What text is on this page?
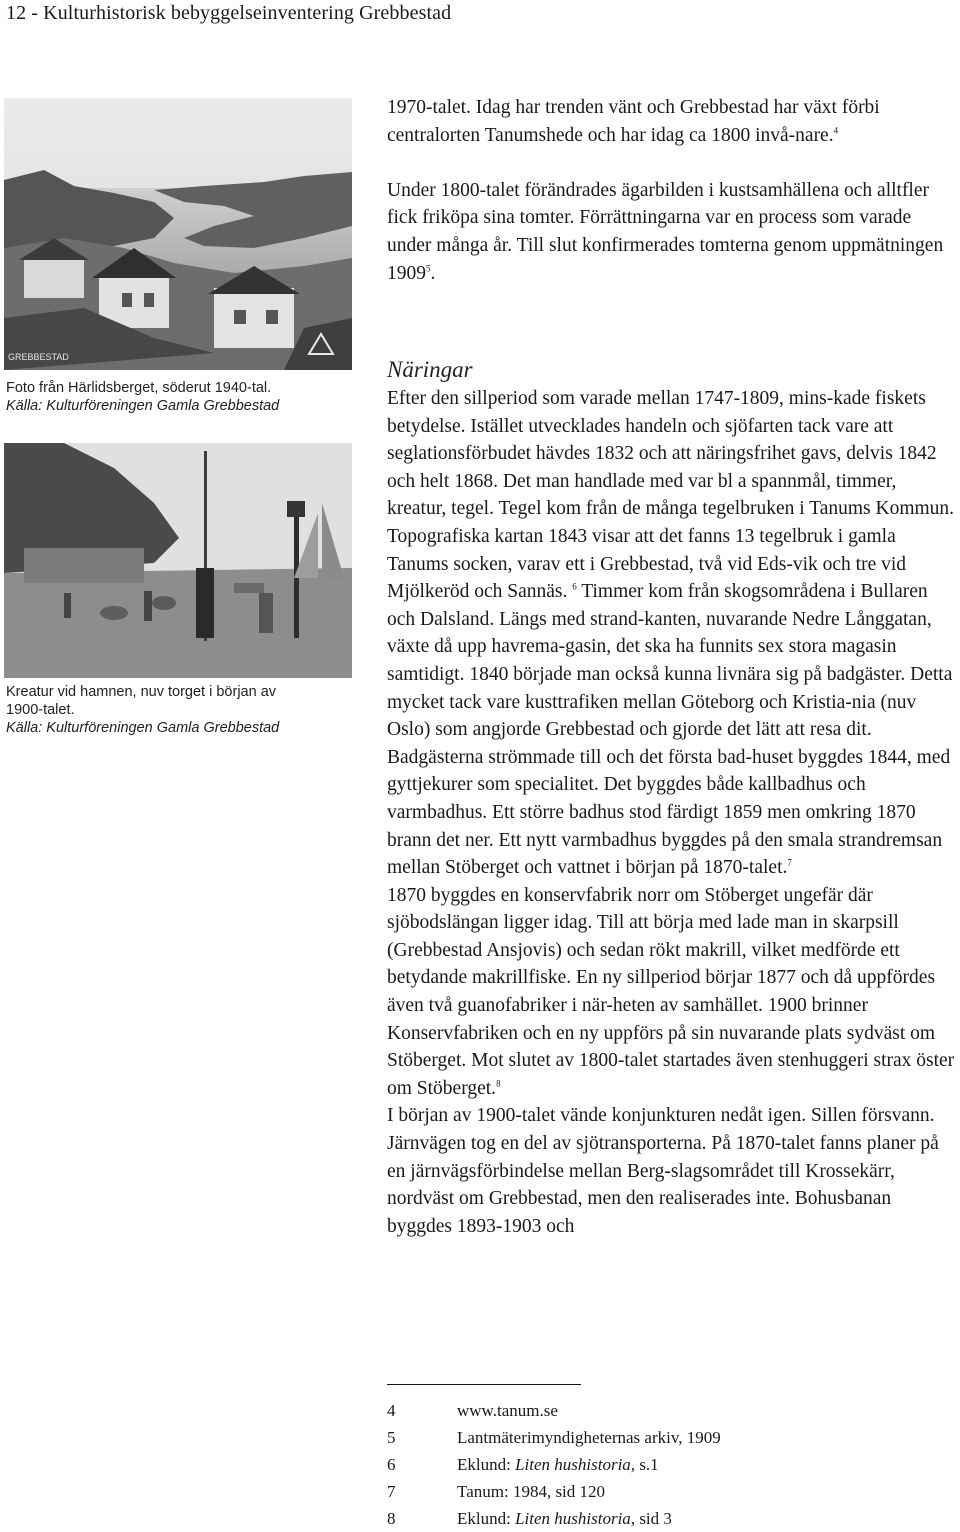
12 - Kulturhistorisk bebyggelseinventering Grebbestad
GREBBESTAD
Foto från Härlidsberget, söderut 1940-tal.
Källa: Kulturföreningen Gamla Grebbestad
Kreatur vid hamnen, nuv torget i början av
1900-talet.
Källa: Kulturföreningen Gamla Grebbestad

1970-talet. Idag har trenden vänt och Grebbestad har växt förbi centralorten Tanumshede och har idag ca 1800 invå-nare.$^4$

Under 1800-talet förändrades ägarbilden i kustsamhällena och alltfler fick friköpa sina tomter. Förrättningarna var en process som varade under många år. Till slut konfirmerades tomterna genom uppmätningen 1909$^5$.

Näringar

Efter den sillperiod som varade mellan 1747-1809, mins-kade fiskets betydelse. Istället utvecklades handeln och sjöfarten tack vare att seglationsförbudet hävdes 1832 och att näringsfrihet gavs, delvis 1842 och helt 1868. Det man handlade med var bl a spannmål, timmer, kreatur, tegel. Tegel kom från de många tegelbruken i Tanums Kommun. Topografiska kartan 1843 visar att det fanns 13 tegelbruk i gamla Tanums socken, varav ett i Grebbestad, två vid Eds-vik och tre vid Mjölkeröd och Sannäs. $^6$ Timmer kom från skogsområdena i Bullaren och Dalsland. Längs med strand-kanten, nuvarande Nedre Långgatan, växte då upp havrema-gasin, det ska ha funnits sex stora magasin samtidigt. 1840 började man också kunna livnära sig på badgäster. Detta mycket tack vare kusttrafiken mellan Göteborg och Kristia-nia (nuv Oslo) som angjorde Grebbestad och gjorde det lätt att resa dit. Badgästerna strömmade till och det första bad-huset byggdes 1844, med gyttjekurer som specialitet. Det byggdes både kallbadhus och varmbadhus. Ett större badhus stod färdigt 1859 men omkring 1870 brann det ner. Ett nytt varmbadhus byggdes på den smala strandremsan mellan Stöberget och vattnet i början på 1870-talet.$^7$

1870 byggdes en konservfabrik norr om Stöberget ungefär där sjöbodslängan ligger idag. Till att börja med lade man in skarpsill (Grebbestad Ansjovis) och sedan rökt makrill, vilket medförde ett betydande makrillfiske. En ny sillperiod börjar 1877 och då uppfördes även två guanofabriker i när-heten av samhället. 1900 brinner Konservfabriken och en ny uppförs på sin nuvarande plats sydväst om Stöberget. Mot slutet av 1800-talet startades även stenhuggeri strax öster om Stöberget.$^8$

I början av 1900-talet vände konjunkturen nedåt igen. Sillen försvann. Järnvägen tog en del av sjötransporterna. På 1870-talet fanns planer på en järnvägsförbindelse mellan Berg-slagsområdet till Krossekärr, nordväst om Grebbestad, men den realiserades inte. Bohusbanan byggdes 1893-1903 och

4	www.tanum.se
5	Lantmäterimyndigheternas arkiv, 1909
6	Eklund: Liten hushistoria, s.1
7	Tanum: 1984, sid 120
8	Eklund: Liten hushistoria, sid 3
